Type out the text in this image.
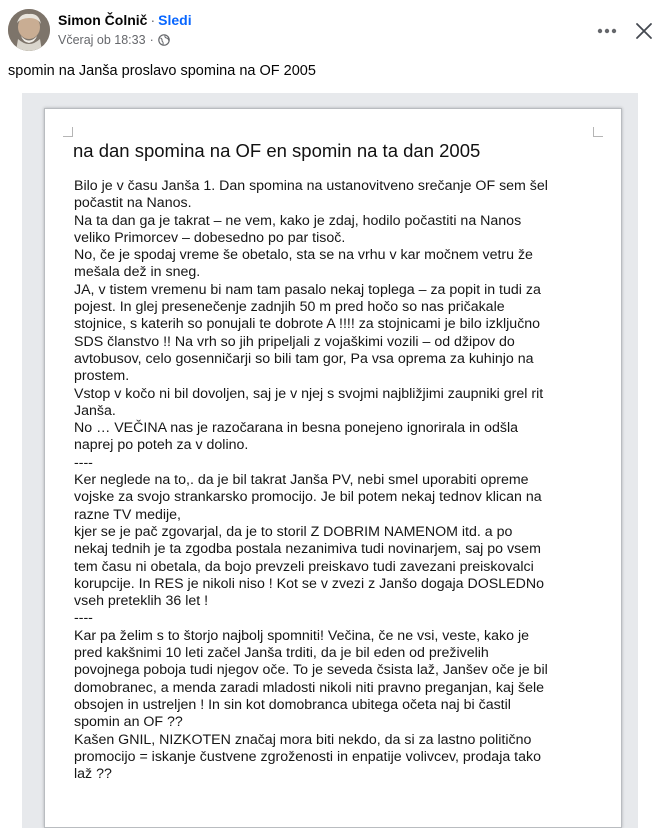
Simon Čolnič · Sledi
Včeraj ob 18:33 ·
spomin na Janša proslavo spomina na OF 2005
na dan spomina na OF en spomin na ta dan 2005
Bilo je v času Janša 1. Dan spomina na ustanovitveno srečanje OF sem šel
počastit na Nanos.
Na ta dan ga je takrat – ne vem, kako je zdaj, hodilo počastiti na Nanos
veliko Primorcev – dobesedno po par tisoč.
No, če je spodaj vreme še obetalo, sta se na vrhu v kar močnem vetru že
mešala dež in sneg.
JA, v tistem vremenu bi nam tam pasalo nekaj toplega – za popit in tudi za
pojest. In glej presenečenje zadnjih 50 m pred hočo so nas pričakale
stojnice, s katerih so ponujali te dobrote A !!!! za stojnicami je bilo izključno
SDS članstvo !! Na vrh so jih pripeljali z vojaškimi vozili – od džipov do
avtobusov, celo gosenničarji so bili tam gor, Pa vsa oprema za kuhinjo na
prostem.
Vstop v kočo ni bil dovoljen, saj je v njej s svojmi najbližjimi zaupniki grel rit
Janša.
No … VEČINA nas je razočarana in besna ponejeno ignorirala in odšla
naprej po poteh za v dolino.
----
Ker neglede na to,. da je bil takrat Janša PV, nebi smel uporabiti opreme
vojske za svojo strankarsko promocijo. Je bil potem nekaj tednov klican na
razne TV medije,
kjer se je pač zgovarjal, da je to storil Z DOBRIM NAMENOM itd. a po
nekaj tednih je ta zgodba postala nezanimiva tudi novinarjem, saj po vsem
tem času ni obetala, da bojo prevzeli preiskavo tudi zavezani preiskovalci
korupcije. In RES je nikoli niso ! Kot se v zvezi z Janšo dogaja DOSLEDNo
vseh preteklih 36 let !
----
Kar pa želim s to štorjo najbolj spomniti! Večina, če ne vsi, veste, kako je
pred kakšnimi 10 leti začel Janša trditi, da je bil eden od preživelih
povojnega poboja tudi njegov oče. To je seveda čsista laž, Janšev oče je bil
domobranec, a menda zaradi mladosti nikoli niti pravno preganjan, kaj šele
obsojen in ustreljen ! In sin kot domobranca ubitega očeta naj bi častil
spomin an OF ??
Kašen GNIL, NIZKOTEN značaj mora biti nekdo, da si za lastno politično
promocijo = iskanje čustvene zgroženosti in enpatije volivcev, prodaja tako
laž ??
